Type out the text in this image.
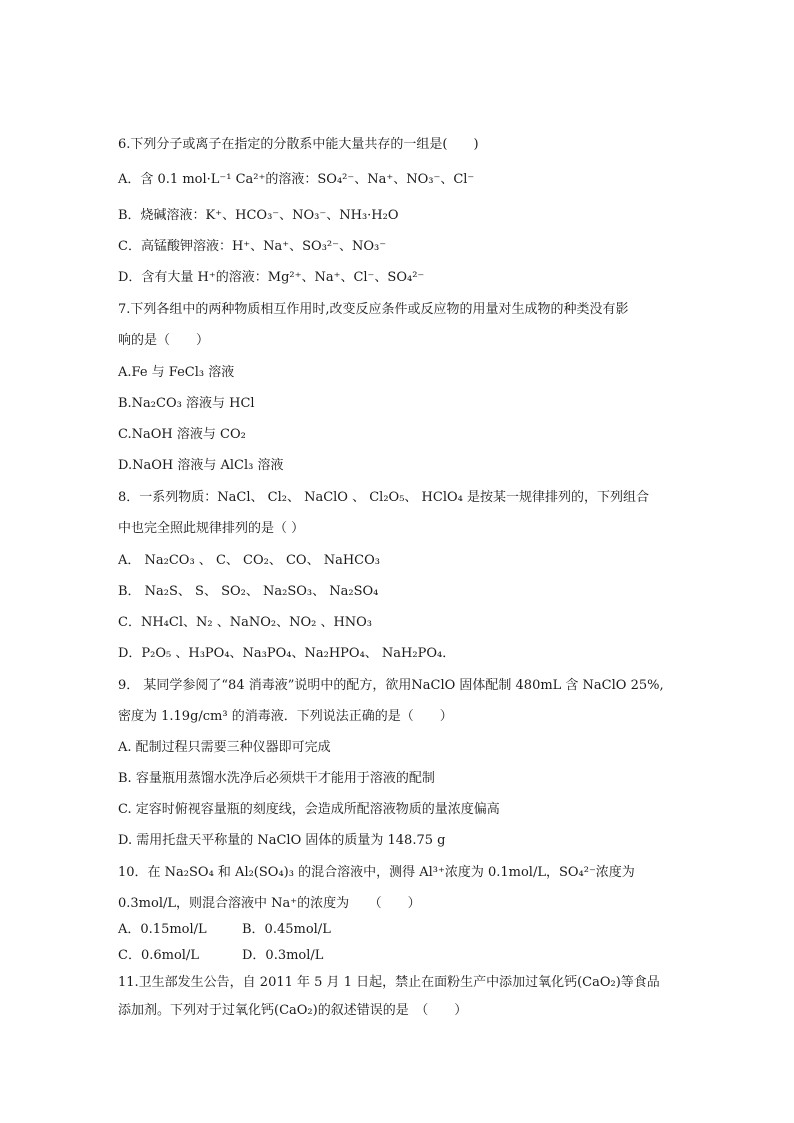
6.下列分子或离子在指定的分散系中能大量共存的一组是(　　)
A．含 0.1 mol·L⁻¹ Ca²⁺的溶液：SO₄²⁻、Na⁺、NO₃⁻、Cl⁻
B．烧碱溶液：K⁺、HCO₃⁻、NO₃⁻、NH₃·H₂O
C．高锰酸钾溶液：H⁺、Na⁺、SO₃²⁻、NO₃⁻
D．含有大量 H⁺的溶液：Mg²⁺、Na⁺、Cl⁻、SO₄²⁻
7.下列各组中的两种物质相互作用时,改变反应条件或反应物的用量对生成物的种类没有影
响的是（　　）
A.Fe 与 FeCl₃ 溶液
B.Na₂CO₃ 溶液与 HCl
C.NaOH 溶液与 CO₂
D.NaOH 溶液与 AlCl₃ 溶液
8．一系列物质：NaCl、 Cl₂、 NaClO 、 Cl₂O₅、 HClO₄ 是按某一规律排列的，下列组合
中也完全照此规律排列的是（ ）
A． Na₂CO₃ 、 C、 CO₂、 CO、 NaHCO₃
B． Na₂S、 S、 SO₂、 Na₂SO₃、 Na₂SO₄
C．NH₄Cl、N₂ 、NaNO₂、NO₂ 、HNO₃
D．P₂O₅ 、H₃PO₄、Na₃PO₄、Na₂HPO₄、 NaH₂PO₄．
9． 某同学参阅了“84 消毒液”说明中的配方，欲用NaClO 固体配制 480mL 含 NaClO 25%,
密度为 1.19g/cm³ 的消毒液．下列说法正确的是（　　）
A. 配制过程只需要三种仪器即可完成
B. 容量瓶用蒸馏水洗净后必须烘干才能用于溶液的配制
C. 定容时俯视容量瓶的刻度线，会造成所配溶液物质的量浓度偏高
D. 需用托盘天平称量的 NaClO 固体的质量为 148.75 g
10．在 Na₂SO₄ 和 Al₂(SO₄)₃ 的混合溶液中，测得 Al³⁺浓度为 0.1mol/L，SO₄²⁻浓度为
0.3mol/L，则混合溶液中 Na⁺的浓度为　　（　　）
A．0.15mol/L	B．0.45mol/L
C．0.6mol/L	D．0.3mol/L
11.卫生部发生公告，自 2011 年 5 月 1 日起，禁止在面粉生产中添加过氧化钙(CaO₂)等食品
添加剂。下列对于过氧化钙(CaO₂)的叙述错误的是　（　　）
